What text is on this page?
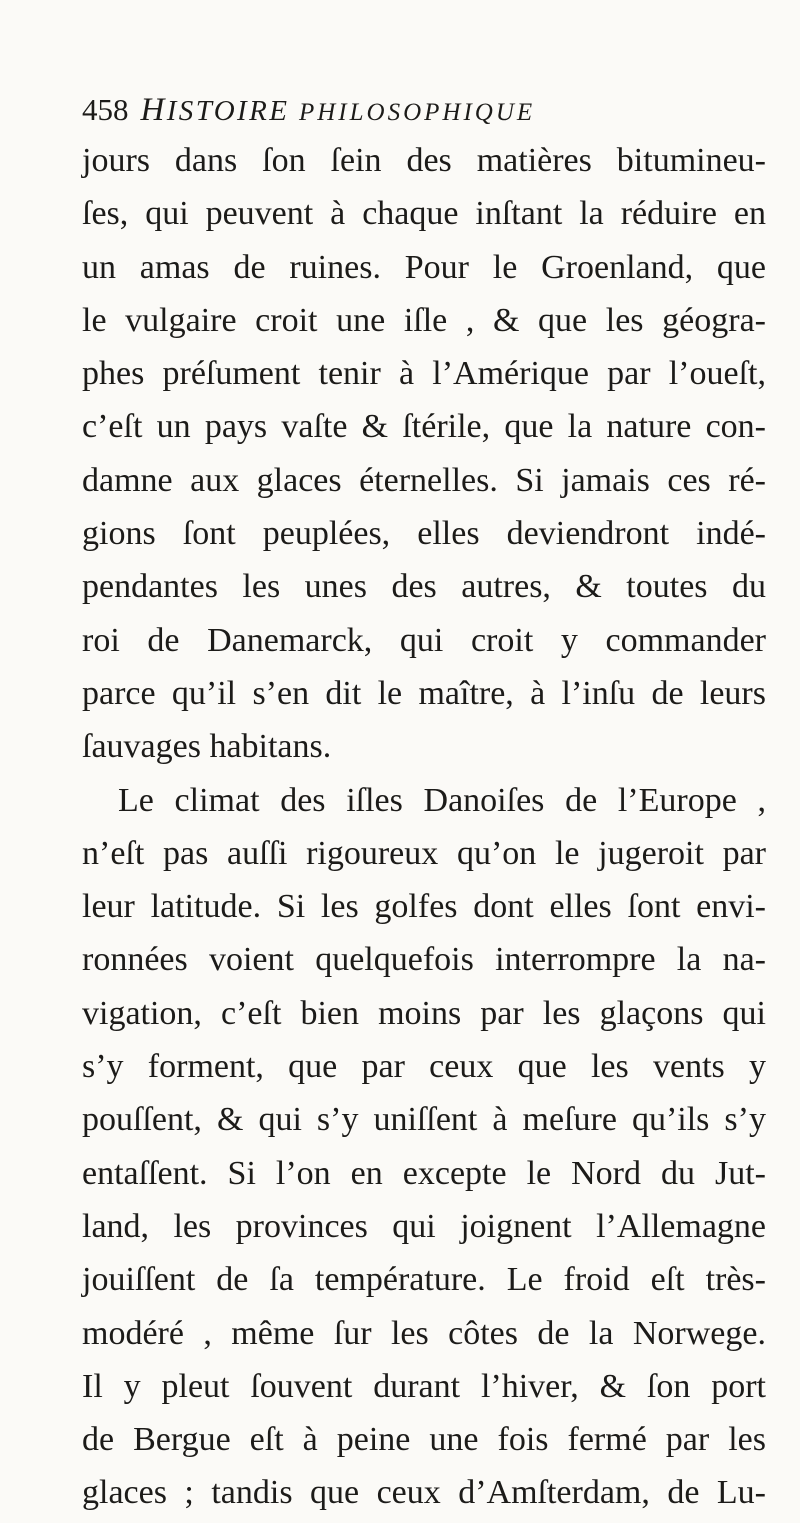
458 HISTOIRE PHILOSOPHIQUE
jours dans ſon ſein des matières bitumineu-
ſes, qui peuvent à chaque inſtant la réduire en
un amas de ruines. Pour le Groenland, que
le vulgaire croit une iſle , & que les géogra-
phes préſument tenir à l’Amérique par l’oueſt,
c’eſt un pays vaſte & ſtérile, que la nature con-
damne aux glaces éternelles. Si jamais ces ré-
gions ſont peuplées, elles deviendront indé-
pendantes les unes des autres, & toutes du
roi de Danemarck, qui croit y commander
parce qu’il s’en dit le maître, à l’inſu de leurs
ſauvages habitans.
Le climat des iſles Danoiſes de l’Europe ,
n’eſt pas auſſi rigoureux qu’on le jugeroit par
leur latitude. Si les golfes dont elles ſont envi-
ronnées voient quelquefois interrompre la na-
vigation, c’eſt bien moins par les glaçons qui
s’y forment, que par ceux que les vents y
pouſſent, & qui s’y uniſſent à meſure qu’ils s’y
entaſſent. Si l’on en excepte le Nord du Jut-
land, les provinces qui joignent l’Allemagne
jouiſſent de ſa température. Le froid eſt très-
modéré , même ſur les côtes de la Norwege.
Il y pleut ſouvent durant l’hiver, & ſon port
de Bergue eſt à peine une fois fermé par les
glaces ; tandis que ceux d’Amſterdam, de Lu-
